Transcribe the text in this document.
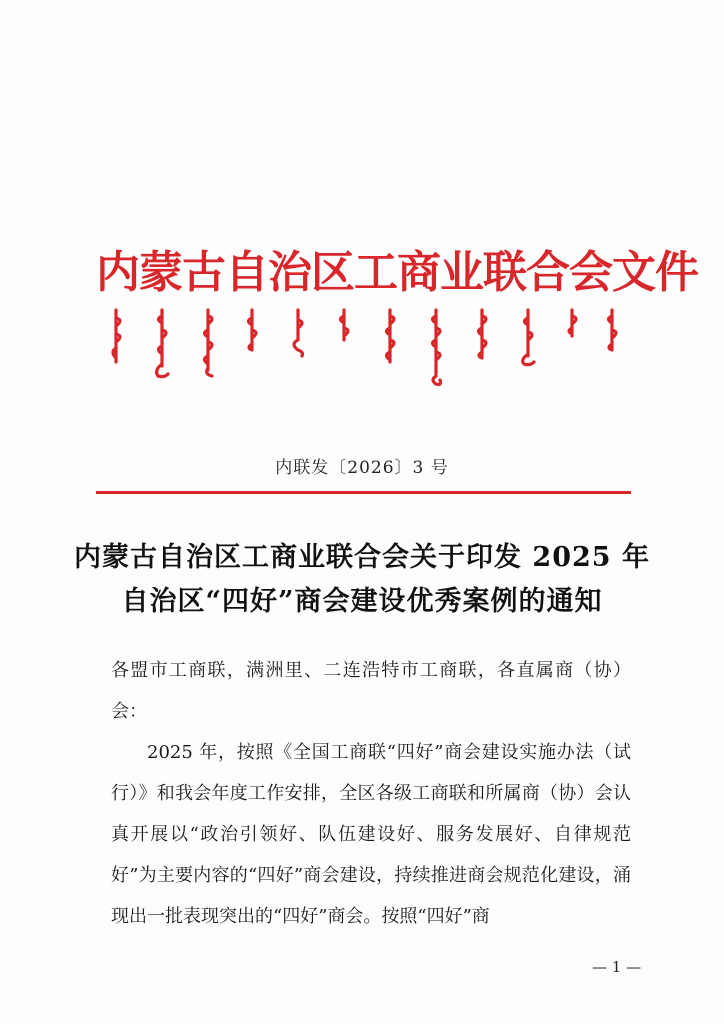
内蒙古自治区工商业联合会文件
内联发〔2026〕3 号
内蒙古自治区工商业联合会关于印发 2025 年
自治区“四好”商会建设优秀案例的通知

各盟市工商联，满洲里、二连浩特市工商联，各直属商（协）会：

2025 年，按照《全国工商联“四好”商会建设实施办法（试行）》和我会年度工作安排，全区各级工商联和所属商（协）会认真开展以“政治引领好、队伍建设好、服务发展好、自律规范好”为主要内容的“四好”商会建设，持续推进商会规范化建设，涌现出一批表现突出的“四好”商会。按照“四好”商

— 1 —
